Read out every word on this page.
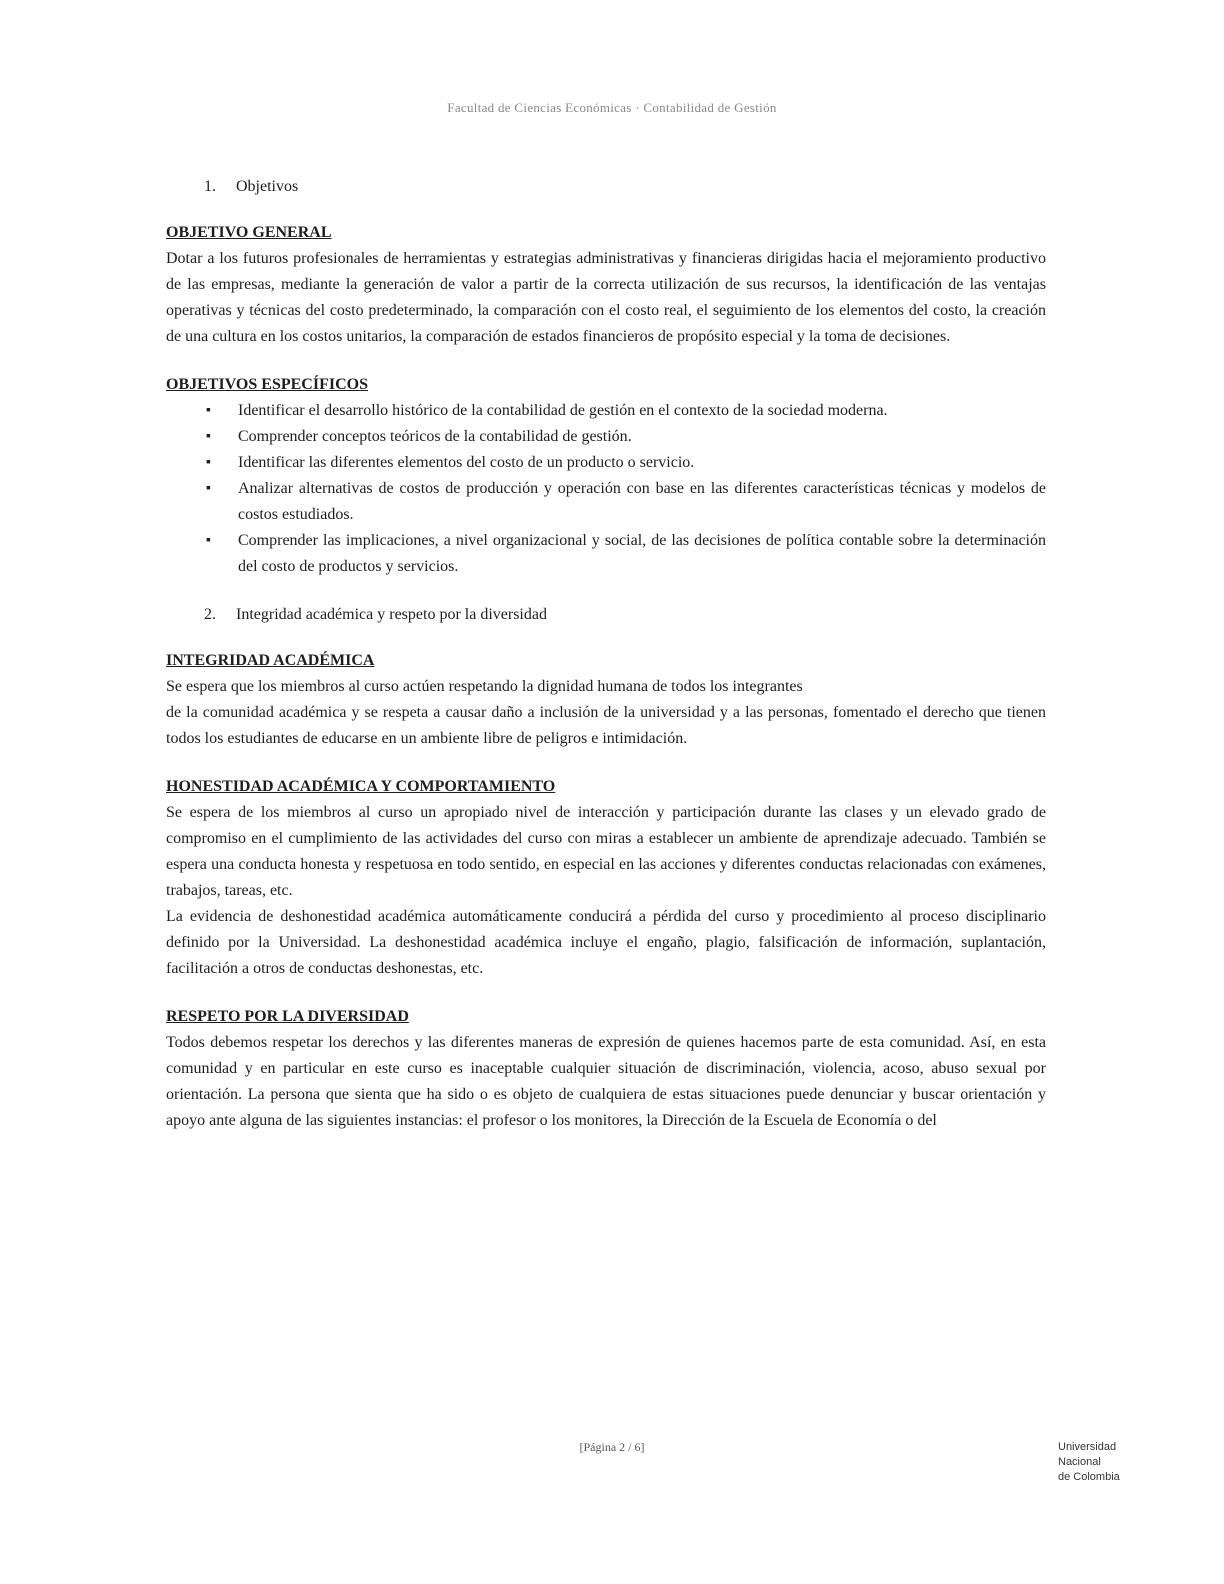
Facultad de Ciencias Económicas · Contabilidad de Gestión
1. Objetivos

OBJETIVO GENERAL

Dotar a los futuros profesionales de herramientas y estrategias administrativas y financieras dirigidas hacia el mejoramiento productivo de las empresas, mediante la generación de valor a partir de la correcta utilización de sus recursos, la identificación de las ventajas operativas y técnicas del costo predeterminado, la comparación con el costo real, el seguimiento de los elementos del costo, la creación de una cultura en los costos unitarios, la comparación de estados financieros de propósito especial y la toma de decisiones.

OBJETIVOS ESPECÍFICOS

▪ Identificar el desarrollo histórico de la contabilidad de gestión en el contexto de la sociedad moderna.
▪ Comprender conceptos teóricos de la contabilidad de gestión.
▪ Identificar las diferentes elementos del costo de un producto o servicio.
▪ Analizar alternativas de costos de producción y operación con base en las diferentes características técnicas y modelos de costos estudiados.
▪ Comprender las implicaciones, a nivel organizacional y social, de las decisiones de política contable sobre la determinación del costo de productos y servicios.
2. Integridad académica y respeto por la diversidad

INTEGRIDAD ACADÉMICA

Se espera que los miembros al curso actúen respetando la dignidad humana de todos los integrantes

de la comunidad académica y se respeta a causar daño a inclusión de la universidad y a las personas, fomentado el derecho que tienen todos los estudiantes de educarse en un ambiente libre de peligros e intimidación.

HONESTIDAD ACADÉMICA Y COMPORTAMIENTO

Se espera de los miembros al curso un apropiado nivel de interacción y participación durante las clases y un elevado grado de compromiso en el cumplimiento de las actividades del curso con miras a establecer un ambiente de aprendizaje adecuado. También se espera una conducta honesta y respetuosa en todo sentido, en especial en las acciones y diferentes conductas relacionadas con exámenes, trabajos, tareas, etc.

La evidencia de deshonestidad académica automáticamente conducirá a pérdida del curso y procedimiento al proceso disciplinario definido por la Universidad. La deshonestidad académica incluye el engaño, plagio, falsificación de información, suplantación, facilitación a otros de conductas deshonestas, etc.

RESPETO POR LA DIVERSIDAD

Todos debemos respetar los derechos y las diferentes maneras de expresión de quienes hacemos parte de esta comunidad. Así, en esta comunidad y en particular en este curso es inaceptable cualquier situación de discriminación, violencia, acoso, abuso sexual por orientación. La persona que sienta que ha sido o es objeto de cualquiera de estas situaciones puede denunciar y buscar orientación y apoyo ante alguna de las siguientes instancias: el profesor o los monitores, la Dirección de la Escuela de Economía o del

[Página 2 / 6]	Universidad
Nacional
de Colombia
